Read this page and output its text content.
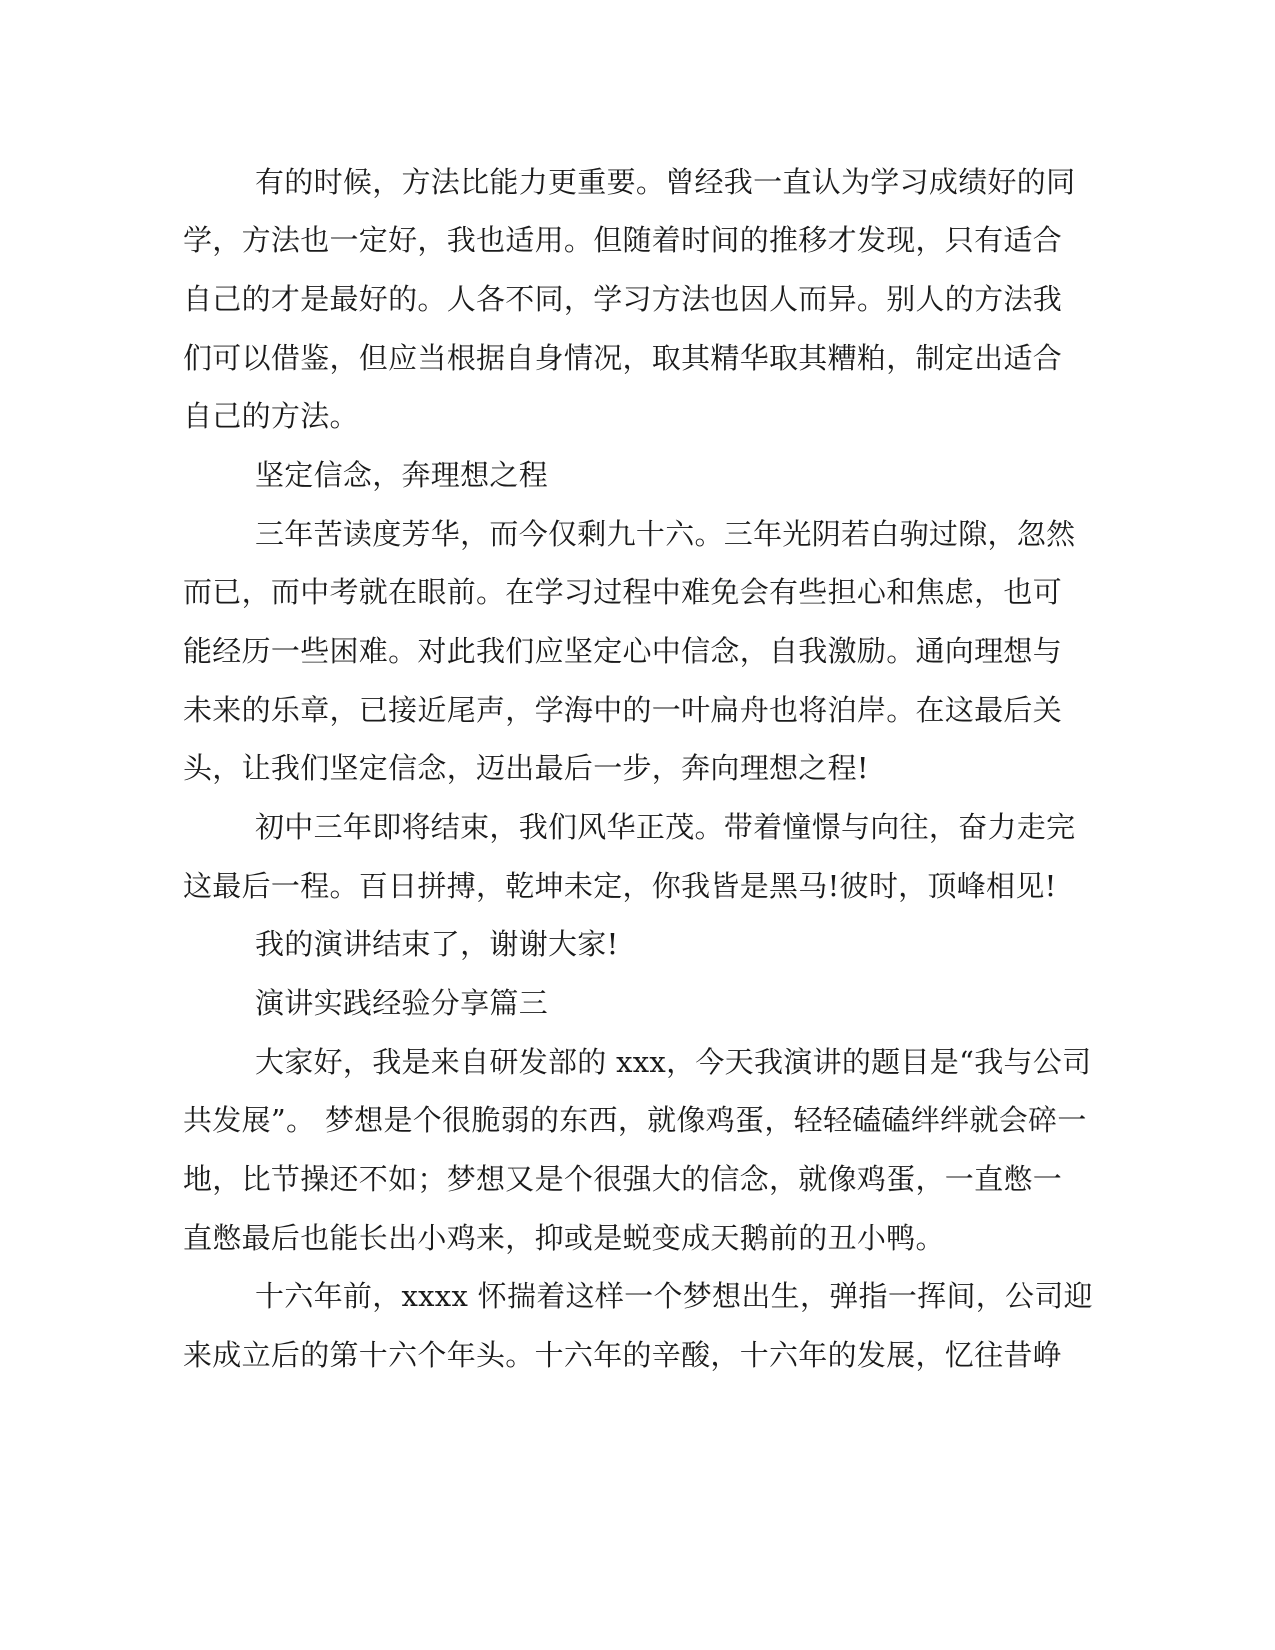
有的时候，方法比能力更重要。曾经我一直认为学习成绩好的同
学，方法也一定好，我也适用。但随着时间的推移才发现，只有适合
自己的才是最好的。人各不同，学习方法也因人而异。别人的方法我
们可以借鉴，但应当根据自身情况，取其精华取其糟粕，制定出适合
自己的方法。
坚定信念，奔理想之程
三年苦读度芳华，而今仅剩九十六。三年光阴若白驹过隙，忽然
而已，而中考就在眼前。在学习过程中难免会有些担心和焦虑，也可
能经历一些困难。对此我们应坚定心中信念，自我激励。通向理想与
未来的乐章，已接近尾声，学海中的一叶扁舟也将泊岸。在这最后关
头，让我们坚定信念，迈出最后一步，奔向理想之程!
初中三年即将结束，我们风华正茂。带着憧憬与向往，奋力走完
这最后一程。百日拼搏，乾坤未定，你我皆是黑马!彼时，顶峰相见!
我的演讲结束了，谢谢大家!
演讲实践经验分享篇三
大家好，我是来自研发部的 xxx，今天我演讲的题目是“我与公司
共发展”。 梦想是个很脆弱的东西，就像鸡蛋，轻轻磕磕绊绊就会碎一
地，比节操还不如；梦想又是个很强大的信念，就像鸡蛋，一直憋一
直憋最后也能长出小鸡来，抑或是蜕变成天鹅前的丑小鸭。
十六年前，xxxx 怀揣着这样一个梦想出生，弹指一挥间，公司迎
来成立后的第十六个年头。十六年的辛酸，十六年的发展，忆往昔峥
